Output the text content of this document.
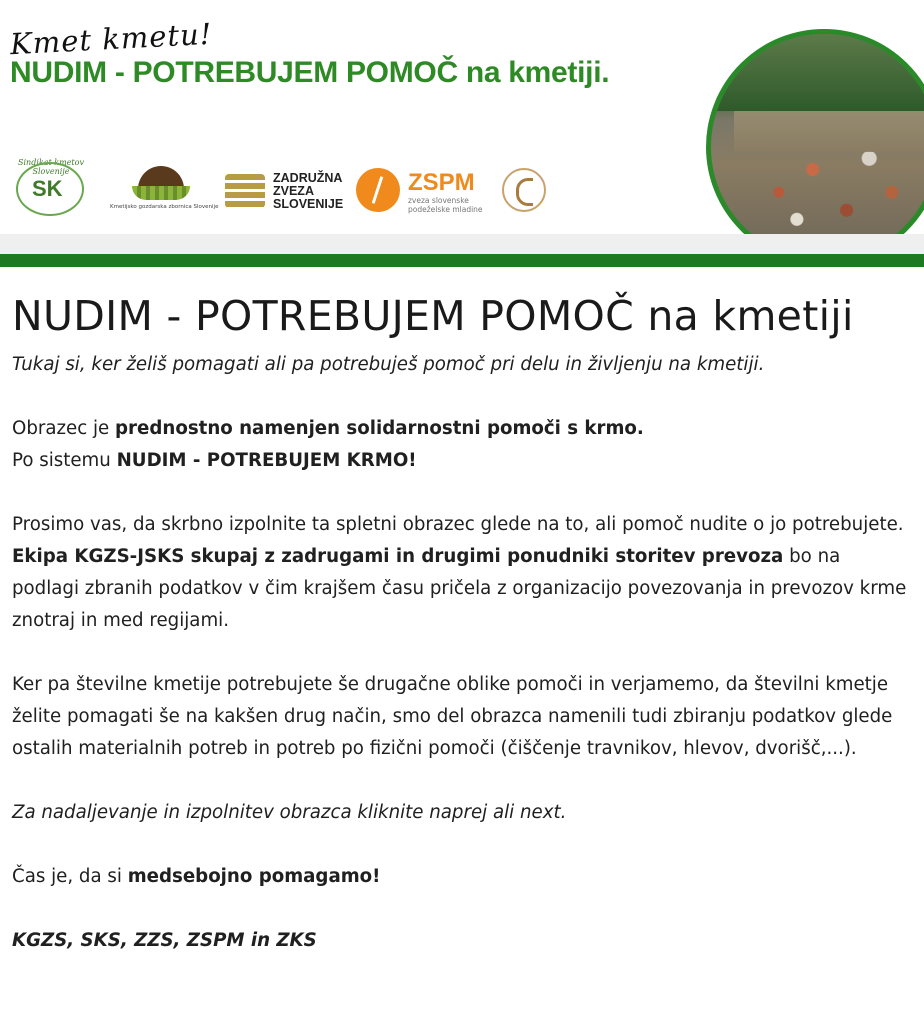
Kmet kmetu!
NUDIM - POTREBUJEM POMOČ na kmetiji.
Sindikat kmetov Slovenije
SK
Kmetijsko gozdarska zbornica Slovenije
ZADRUŽNA
ZVEZA
SLOVENIJE
ZSPM
zveza slovenske podeželske mladine
NUDIM - POTREBUJEM POMOČ na kmetiji

Tukaj si, ker želiš pomagati ali pa potrebuješ pomoč pri delu in življenju na kmetiji.

Obrazec je prednostno namenjen solidarnostni pomoči s krmo.
Po sistemu NUDIM - POTREBUJEM KRMO!

Prosimo vas, da skrbno izpolnite ta spletni obrazec glede na to, ali pomoč nudite o jo potrebujete. Ekipa KGZS-JSKS skupaj z zadrugami in drugimi ponudniki storitev prevoza bo na podlagi zbranih podatkov v čim krajšem času pričela z organizacijo povezovanja in prevozov krme znotraj in med regijami.

Ker pa številne kmetije potrebujete še drugačne oblike pomoči in verjamemo, da številni kmetje želite pomagati še na kakšen drug način, smo del obrazca namenili tudi zbiranju podatkov glede ostalih materialnih potreb in potreb po fizični pomoči (čiščenje travnikov, hlevov, dvorišč,...).

Za nadaljevanje in izpolnitev obrazca kliknite naprej ali next.

Čas je, da si medsebojno pomagamo!

KGZS, SKS, ZZS, ZSPM in ZKS
